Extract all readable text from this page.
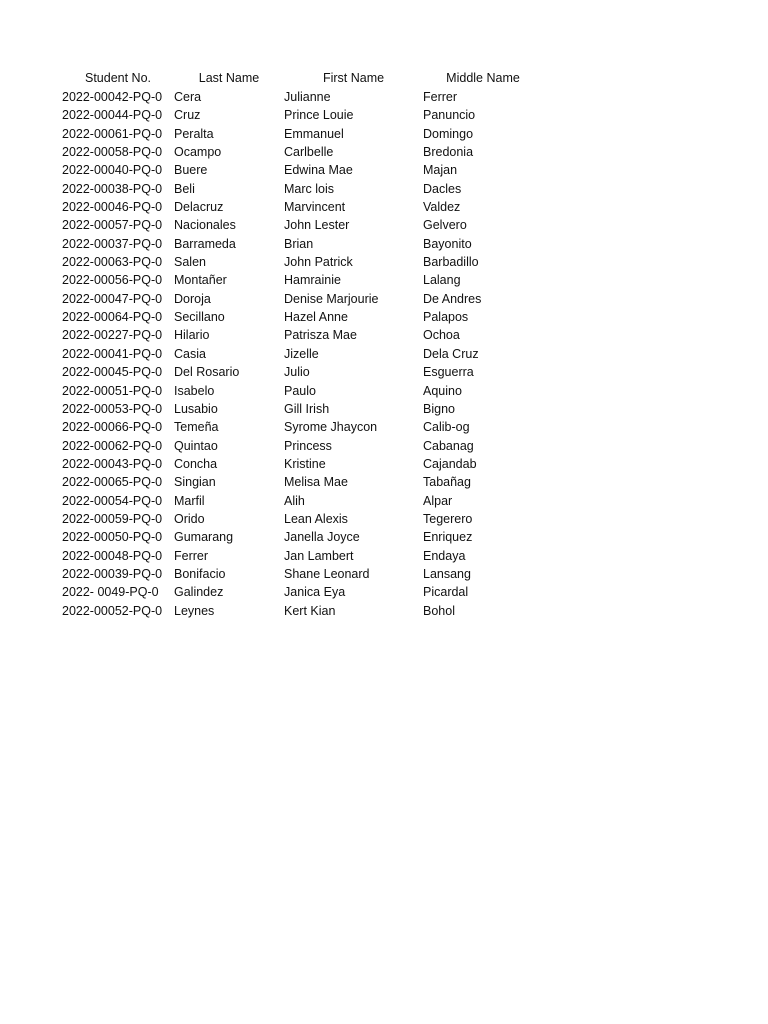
Student No.	Last Name	First Name	Middle Name
2022-00042-PQ-0	Cera	Julianne	Ferrer
2022-00044-PQ-0	Cruz	Prince Louie	Panuncio
2022-00061-PQ-0	Peralta	Emmanuel	Domingo
2022-00058-PQ-0	Ocampo	Carlbelle	Bredonia
2022-00040-PQ-0	Buere	Edwina Mae	Majan
2022-00038-PQ-0	Beli	Marc lois	Dacles
2022-00046-PQ-0	Delacruz	Marvincent	Valdez
2022-00057-PQ-0	Nacionales	John Lester	Gelvero
2022-00037-PQ-0	Barrameda	Brian	Bayonito
2022-00063-PQ-0	Salen	John Patrick	Barbadillo
2022-00056-PQ-0	Montañer	Hamrainie	Lalang
2022-00047-PQ-0	Doroja	Denise Marjourie	De Andres
2022-00064-PQ-0	Secillano	Hazel Anne	Palapos
2022-00227-PQ-0	Hilario	Patrisza Mae	Ochoa
2022-00041-PQ-0	Casia	Jizelle	Dela Cruz
2022-00045-PQ-0	Del Rosario	Julio	Esguerra
2022-00051-PQ-0	Isabelo	Paulo	Aquino
2022-00053-PQ-0	Lusabio	Gill Irish	Bigno
2022-00066-PQ-0	Temeña	Syrome Jhaycon	Calib-og
2022-00062-PQ-0	Quintao	Princess	Cabanag
2022-00043-PQ-0	Concha	Kristine	Cajandab
2022-00065-PQ-0	Singian	Melisa Mae	Tabañag
2022-00054-PQ-0	Marfil	Alih	Alpar
2022-00059-PQ-0	Orido	Lean Alexis	Tegerero
2022-00050-PQ-0	Gumarang	Janella Joyce	Enriquez
2022-00048-PQ-0	Ferrer	Jan Lambert	Endaya
2022-00039-PQ-0	Bonifacio	Shane Leonard	Lansang
2022- 0049-PQ-0	Galindez	Janica Eya	Picardal
2022-00052-PQ-0	Leynes	Kert Kian	Bohol
